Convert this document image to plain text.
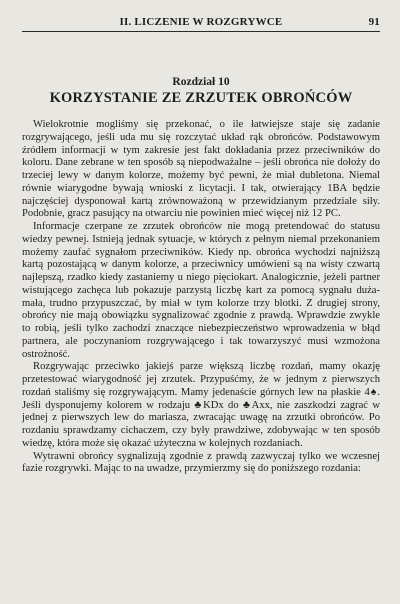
II. LICZENIE W ROZGRYWCE	91
Rozdział 10
KORZYSTANIE ZE ZRZUTEK OBROŃCÓW

Wielokrotnie mogliśmy się przekonać, o ile łatwiejsze staje się zadanie rozgrywającego, jeśli uda mu się rozczytać układ rąk obrońców. Podstawowym źródłem informacji w tym zakresie jest fakt dokładania przez przeciwników do koloru. Dane zebrane w ten sposób są niepodważalne – jeśli obrońca nie dołoży do trzeciej lewy w danym kolorze, możemy być pewni, że miał dubletona. Niemal równie wiarygodne bywają wnioski z licytacji. I tak, otwierający 1BA będzie najczęściej dysponował kartą zrównoważoną w przewidzianym przedziale siły. Podobnie, gracz pasujący na otwarciu nie powinien mieć więcej niż 12 PC.

Informacje czerpane ze zrzutek obrońców nie mogą pretendować do statusu wiedzy pewnej. Istnieją jednak sytuacje, w których z pełnym niemal przekonaniem możemy zaufać sygnałom przeciwników. Kiedy np. obrońca wychodzi najniższą kartą pozostającą w danym kolorze, a przeciwnicy umówieni są na wisty czwartą najlepszą, rzadko kiedy zastaniemy u niego pięciokart. Analogicznie, jeżeli partner wistującego zachęca lub pokazuje parzystą liczbę kart za pomocą sygnału duża-mała, trudno przypuszczać, by miał w tym kolorze trzy blotki. Z drugiej strony, obrońcy nie mają obowiązku sygnalizować zgodnie z prawdą. Wprawdzie zwykle to robią, jeśli tylko zachodzi znaczące niebezpieczeństwo wprowadzenia w błąd partnera, ale poczynaniom rozgrywającego i tak towarzyszyć musi wzmożona ostrożność.

Rozgrywając przeciwko jakiejś parze większą liczbę rozdań, mamy okazję przetestować wiarygodność jej zrzutek. Przypuśćmy, że w jednym z pierwszych rozdań staliśmy się rozgrywającym. Mamy jedenaście górnych lew na płaskie 4♠. Jeśli dysponujemy kolorem w rodzaju ♣KDx do ♣Axx, nie zaszkodzi zagrać w jednej z pierwszych lew do mariasza, zwracając uwagę na zrzutki obrońców. Po rozdaniu sprawdzamy cichaczem, czy były prawdziwe, zdobywając w ten sposób wiedzę, która może się okazać użyteczna w kolejnych rozdaniach.

Wytrawni obrońcy sygnalizują zgodnie z prawdą zazwyczaj tylko we wczesnej fazie rozgrywki. Mając to na uwadze, przymierzmy się do poniższego rozdania:
